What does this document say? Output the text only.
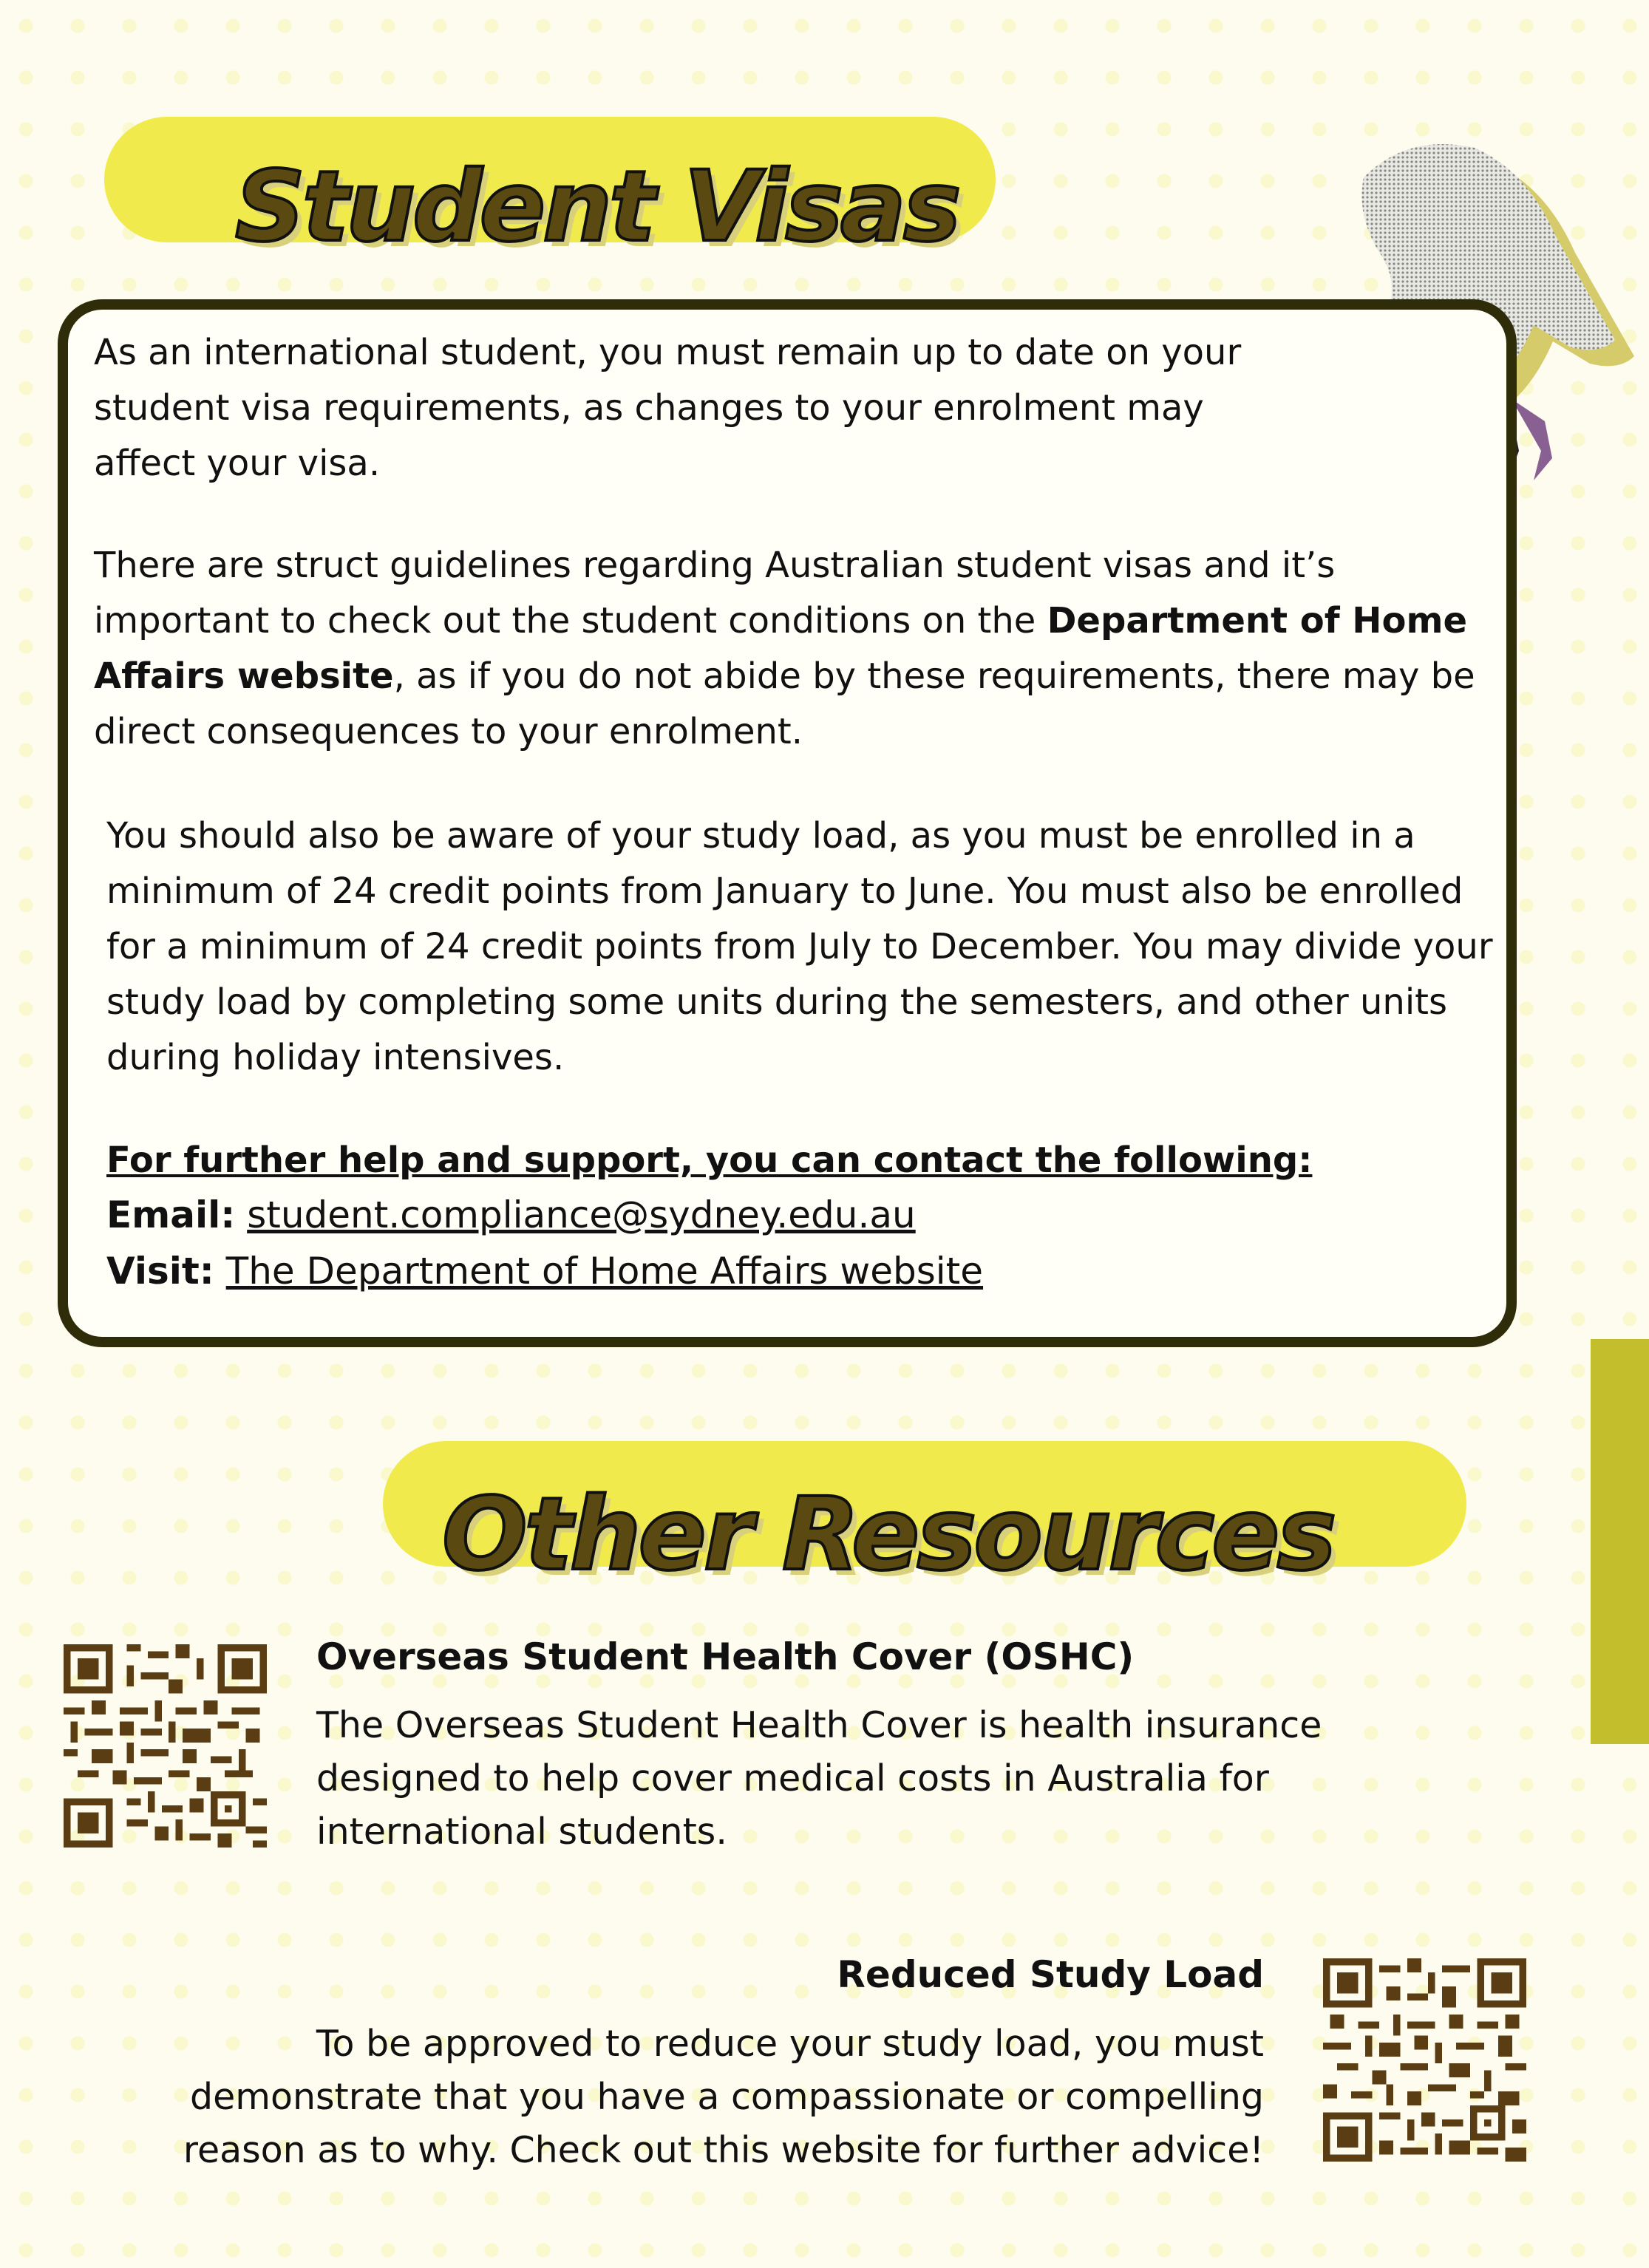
Student Visas

As an international student, you must remain up to date on your student visa requirements, as changes to your enrolment may affect your visa.

There are struct guidelines regarding Australian student visas and it’s important to check out the student conditions on the Department of Home Affairs website, as if you do not abide by these requirements, there may be direct consequences to your enrolment.

You should also be aware of your study load, as you must be enrolled in a minimum of 24 credit points from January to June. You must also be enrolled for a minimum of 24 credit points from July to December. You may divide your study load by completing some units during the semesters, and other units during holiday intensives.

For further help and support, you can contact the following:

Email: student.compliance@sydney.edu.au

Visit: The Department of Home Affairs website

Other Resources

Overseas Student Health Cover (OSHC)

The Overseas Student Health Cover is health insurance designed to help cover medical costs in Australia for international students.

Reduced Study Load

To be approved to reduce your study load, you must demonstrate that you have a compassionate or compelling reason as to why. Check out this website for further advice!
